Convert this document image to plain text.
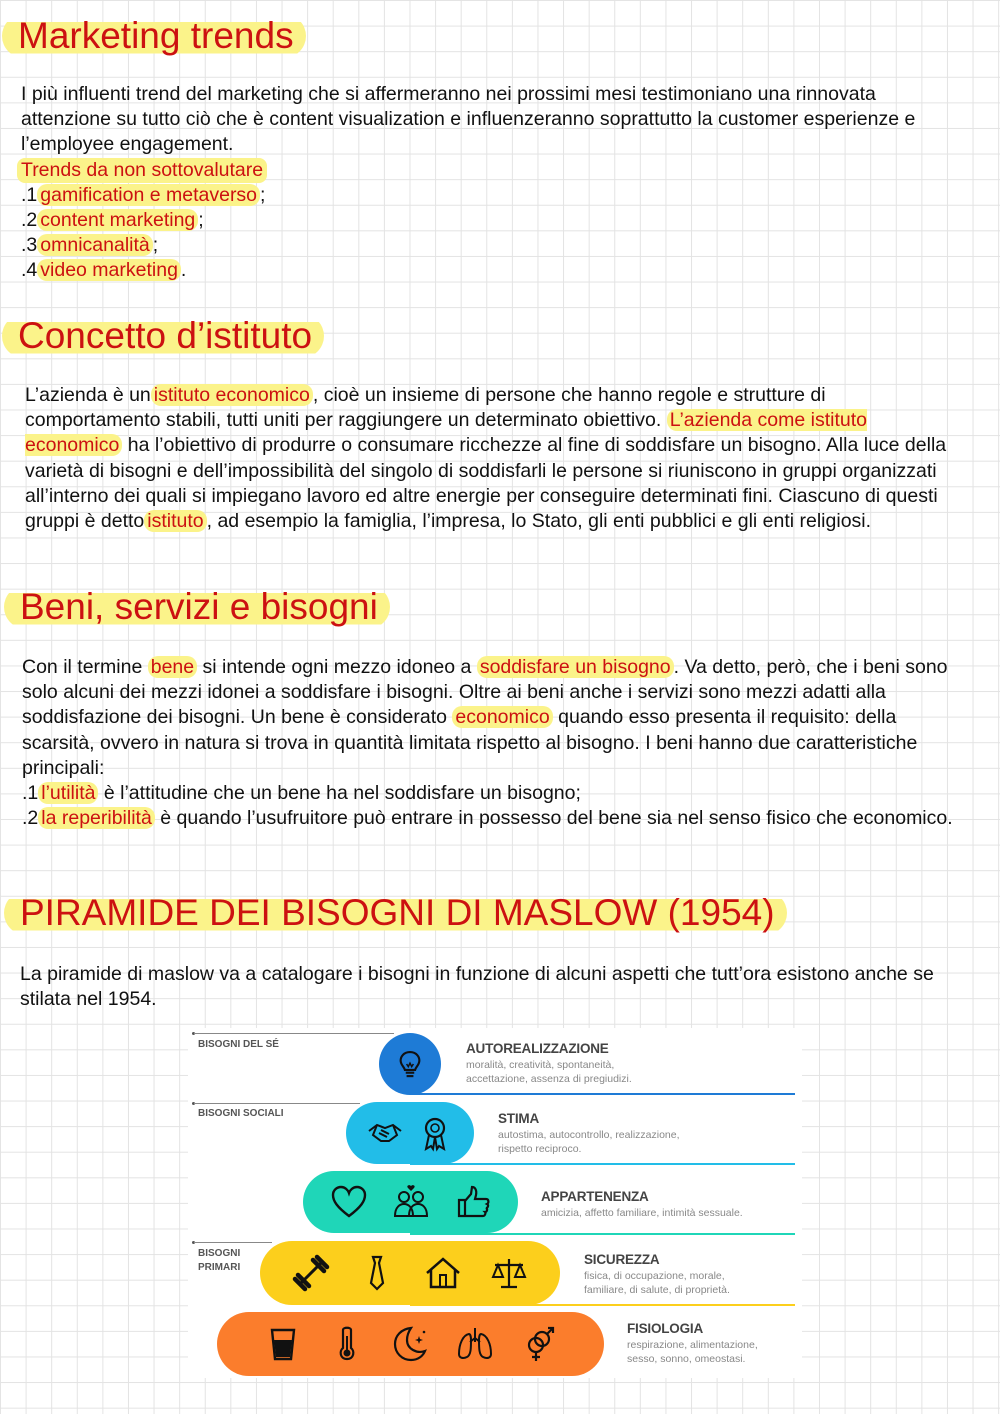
Marketing trends

I più influenti trend del marketing che si affermeranno nei prossimi mesi testimoniano una rinnovata attenzione su tutto ciò che è content visualization e influenzeranno soprattutto la customer esperienze e l’employee engagement.

Trends da non sottovalutare

.1 gamification e metaverso ;

.2 content marketing ;

.3 omnicanalità ;

.4 video marketing .

Concetto d’istituto

L’azienda è un istituto economico , cioè un insieme di persone che hanno regole e strutture di comportamento stabili, tutti uniti per raggiungere un determinato obiettivo. L’azienda come istituto economico ha l’obiettivo di produrre o consumare ricchezze al fine di soddisfare un bisogno. Alla luce della varietà di bisogni e dell’impossibilità del singolo di soddisfarli le persone si riuniscono in gruppi organizzati all’interno dei quali si impiegano lavoro ed altre energie per conseguire determinati fini. Ciascuno di questi gruppi è detto istituto , ad esempio la famiglia, l’impresa, lo Stato, gli enti pubblici e gli enti religiosi.

Beni, servizi e bisogni

Con il termine bene si intende ogni mezzo idoneo a soddisfare un bisogno . Va detto, però, che i beni sono solo alcuni dei mezzi idonei a soddisfare i bisogni. Oltre ai beni anche i servizi sono mezzi adatti alla soddisfazione dei bisogni. Un bene è considerato economico quando esso presenta il requisito: della scarsità, ovvero in natura si trova in quantità limitata rispetto al bisogno. I beni hanno due caratteristiche principali:

.1 l’utilità è l’attitudine che un bene ha nel soddisfare un bisogno;

.2 la reperibilità è quando l’usufruitore può entrare in possesso del bene sia nel senso fisico che economico.

PIRAMIDE DEI BISOGNI DI MASLOW (1954)

La piramide di maslow va a catalogare i bisogni in funzione di alcuni aspetti che tutt’ora esistono anche se stilata nel 1954.

BISOGNI DEL SÉ
BISOGNI SOCIALI
BISOGNI
PRIMARI
AUTOREALIZZAZIONE
moralità, creatività, spontaneità,
accettazione, assenza di pregiudizi.
STIMA
autostima, autocontrollo, realizzazione,
rispetto reciproco.
APPARTENENZA
amicizia, affetto familiare, intimità sessuale.
SICUREZZA
fisica, di occupazione, morale,
familiare, di salute, di proprietà.
FISIOLOGIA
respirazione, alimentazione,
sesso, sonno, omeostasi.
